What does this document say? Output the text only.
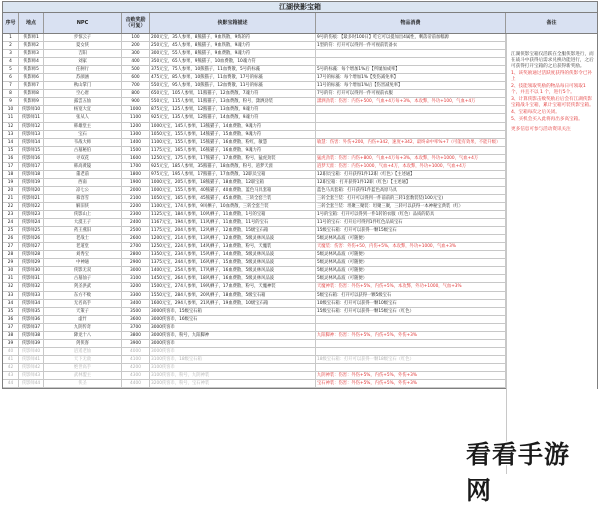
江湖侠影宝箱
序号	地点	NPC	击败奖励（可复）	侠影宝箱描述	物品消费	备注
1	侠影师1	步惊云子	100	200元宝，35人参果，8熊猫子，9血铁散，9炼的符	9号的伤痕：【最多时100日】吃它可以提加出4属性，剩落帝前加幅源
2	侠影师2	夏女侠	200	250元宝，45人参果，8熊猫子，9血铁散，9魂力符	1型的符：打开可以得到一件可视前装备衣
3	侠影师3	吉阳	300	300元宝，55人参果，8熊猫子，9血费散，9魂力符
4	侠影师4	刘家	400	350元宝，65人参果，9熊猫子，10血费散，10魂力符
5	侠影师5	任舸行	500	375元宝，75人参果，10熊猫子，11血费散，5号的标藻	5号的标藻：每个增加1%后【所屡加成率】
6	侠影师6	苏颜涵	600	475元宝，85人参果，10熊猫子，11血费散，17号的标藻	17号的标藻：每个增加1%【变伤减免率】
7	侠影师7	秋山掌门	700	550元宝，95人参果，10熊猫子，12血费散，11号的标藻	11号的标藻：每个增加1%后【伤害减免率】
8	侠影师8	空心唐	800	650元宝，105人参果，11熊猫子，12血费散，7魂力符	7号的符：打开可以得到一件可视前衣服
9	侠影师9	露雲五仙	900	550元宝，115人参果，11熊猫子，13血费散，粉号，潇洒劲装	潇洒劲装：伤害：内伤+500，气血+4万每+3%，本攻弊，外功+100，气血+4万
10	侠影师10	杨宽大宜	1000	875元宝，125人参果，12熊猫子，13血费散，9魂力符
11	侠影师11	张从人	1100	925元宝，135人参果，12熊猫子，14血费散，9魂力符
12	侠影师12	韩雄堂主	1200	1000元宝，145人参果，13熊猫子，14血费散，9魂力符
13	侠影师13	宝石	1300	1050元宝，155人参果，14熊猫子，15血费散，9魂力符
14	侠影师14	韦战大师	1400	1100元宝，155人参果，15熊猫子，16血费散，粉红，敏慧	敏慧：伤害：外伤+200，内伤+342，速度+342，最终命中率%+7（可能有效果，不能升级）
15	侠影师15	古墓秘伯	1500	1175元宝，165人参果，16熊猫子，16血费散，9魂力符
16	侠影师16	寻双花	1600	1250元宝，175人参果，17熊猫子，17血费散，粉号，猛虎劲装	猛虎劲装：伤害：内伤+800，气血+4万每+3%，本攻弊，外功+1000，气血+4万
17	侠影师17	韩高黄镜	1700	925元宝，185人参果，35熊猫子，18血费散，粉号，逍梦天涯	逍梦天涯：伤害：内伤+1000，气血+4万，本攻弊，外功+1000，气血+4万
18	侠影师18	董老前	1800	975元宝，195人参果，17熊猫子，17血费散，12职员宝箱	12职员宝箱：打开获得1件12职（红色）【主述通】
19	侠影师19	西南	1900	1000元宝，205人参果，18熊猫子，18血费散，12职宝箱	12职宝箱：打开获得1件12职（红色）【主述通】
20	侠影师20	凉七公	2000	1000元宝，155人参果，40熊猫子，40血费散，蓝色马具套箱	蓝色马具套箱：打开获得1件蓝色高原马具
21	侠影师21	慕容雪	2100	1050元宝，165人参果，45熊猫子，45血费散，三转全套兰装	三转全套兰装：打开可以得到一件前前的三转1套数装装(100元宝)
22	侠影师22	解旧侠	2200	1100元宝，174人参果，9风栖子，10血费散，三转全套兰装	三转全套兰装：坦聚三聚装：坦聚三聚，三转可以获得一本神秘宝典装（红）
23	侠影师23	侠影山上	2300	1125元宝，184人参果，10风栖子，11血费散，1号的宝箱	1号的宝箱：打开可以得到一件1转的衣服（红色）品质的防具
24	侠影师24	大漠王子	2400	1167元宝，194人参果，11风栖子，11血费散，11号的宝石	11号的宝石：打开后可得到1件红色品质宝石
25	侠影师25	药王燕旧	2500	1175元宝，204人参果，12风栖子，12血费散，15级宝石箱	15级宝石箱：打开可以获得一颗15级宝石
26	侠影师26	老战士	2600	1200元宝，214人参果，13风栖子，12血费散，5级灵林风品波	5级灵林风品波（可随便）
27	侠影师27	老道堂	2700	1250元宝，224人参果，14风栖子，13血费散，粉号，天魔装	天魔装：伤害：外伤+50，内伤+5%，本攻弊，外功+1000，气血+3%
28	侠影师28	刘秀宝	2800	1350元宝，234人参果，15风栖子，14血费散，5级灵林风品波	5级灵林风品波（可随便）
29	侠影师29	中神通	2900	1375元宝，244人参果，16风栖子，15血费散，5级灵林风品波	5级灵林风品波（可随便）
30	侠影师30	侠影无双	3000	1400元宝，254人参果，17风栖子，16血费散，5级灵林风品波	5级灵林风品波（可随便）
31	侠影师31	古墓仙子	3100	1450元宝，264人参果，18风栖子，16血费散，5级灵林风品波	5级灵林风品波（可随便）
32	侠影师32	剑圣洪武	3200	1500元宝，274人参果，19风栖子，17血费散，粉号，天魔神装	天魔神装：伤害：外伤+5%，内伤+5%，本攻弊，外功+1000，气血+3%
33	侠影师33	东方不败	3300	1550元宝，284人参果，20风栖子，18血费散，5级宝石箱	5级宝石箱：打开可以获得一颗5级宝石
34	侠影师34	无名高手	3400	1600元宝，294人参果，21风栖子，19血费散，10级宝石箱	10级宝石箱：打开可以获得一颗10级宝石
35	侠影师35	天策子	3500	3000侠客币，15级宝石箱	15级宝石箱：打开可以获得一颗15级宝石（红色）
36	侠影师36	虚竹	3600	3000侠客币，16级宝石
37	侠影师37	九阴传奇	3700	3000侠客币
38	侠影师38	降龙十八	3800	3000侠客币，粉号，九阳脚神	九阳脚神：伤害：外伤+5%，内伤+5%，外伤+3%
39	侠影师39	剑侠客	3900	3000侠客币
40	侠影师40	逍遥老仙	4000	3000侠客币
41	侠影师41	天下无敌	4100	3100侠客币，18级宝石箱	18级宝石箱：打开可以获得一颗18级宝石（红色）
42	侠影师42	绝世高手	4200	3100侠客币
43	侠影师43	武林盟主	4300	3100侠客币，粉号，九阴神装	九阴神装：伤害：外伤+5%，内伤+5%，外伤+3%
44	侠影师44	侠圣	4400	3200侠客币，粉号，宝石神装	宝石神装：伤害：外伤+5%，内伤+5%，外伤+3%

江湖侠影宝箱仅活跃在全服侠影进行，而在战斗中获得后需求兑换功能进行，之后可获得打开宝箱的之后获得新奖励。

1、该奖励通过活跃度获得的侠影令已补上

2、技能领取奖励的物品每日可领取1个，并且不以 1 个，进行5个。

3、计算侠影击败奖励后后会有江湖侠影宝箱战斗宝箱，累计宝箱可装侠影宝箱。

4、宝箱每次之后关闭。

5、买机会买入此将再出多高宝箱。

更多信息可参与活动资讯关注

看看手游网
